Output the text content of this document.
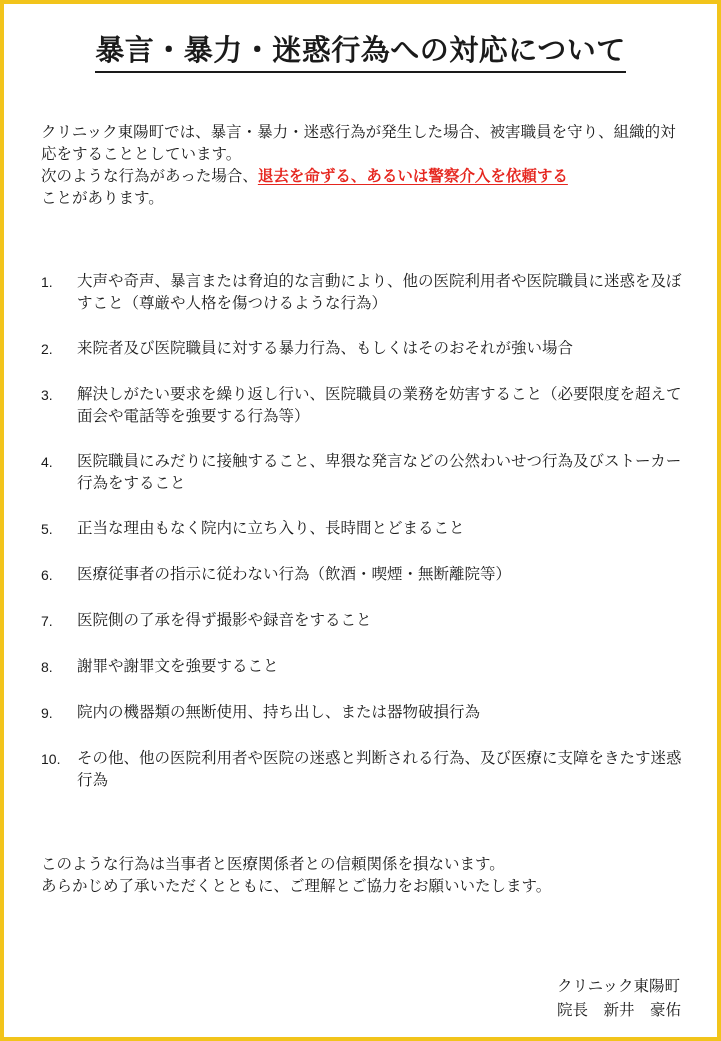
暴言・暴力・迷惑行為への対応について

クリニック東陽町では、暴言・暴力・迷惑行為が発生した場合、被害職員を守り、組織的対応をすることとしています。

次のような行為があった場合、退去を命ずる、あるいは警察介入を依頼する

ことがあります。

1.	大声や奇声、暴言または脅迫的な言動により、他の医院利用者や医院職員に迷惑を及ぼすこと（尊厳や人格を傷つけるような行為）
2.	来院者及び医院職員に対する暴力行為、もしくはそのおそれが強い場合
3.	解決しがたい要求を繰り返し行い、医院職員の業務を妨害すること（必要限度を超えて面会や電話等を強要する行為等）
4.	医院職員にみだりに接触すること、卑猥な発言などの公然わいせつ行為及びストーカー行為をすること
5.	正当な理由もなく院内に立ち入り、長時間とどまること
6.	医療従事者の指示に従わない行為（飲酒・喫煙・無断離院等）
7.	医院側の了承を得ず撮影や録音をすること
8.	謝罪や謝罪文を強要すること
9.	院内の機器類の無断使用、持ち出し、または器物破損行為
10.	その他、他の医院利用者や医院の迷惑と判断される行為、及び医療に支障をきたす迷惑行為

このような行為は当事者と医療関係者との信頼関係を損ないます。

あらかじめ了承いただくとともに、ご理解とご協力をお願いいたします。

クリニック東陽町
院長　新井　豪佑
